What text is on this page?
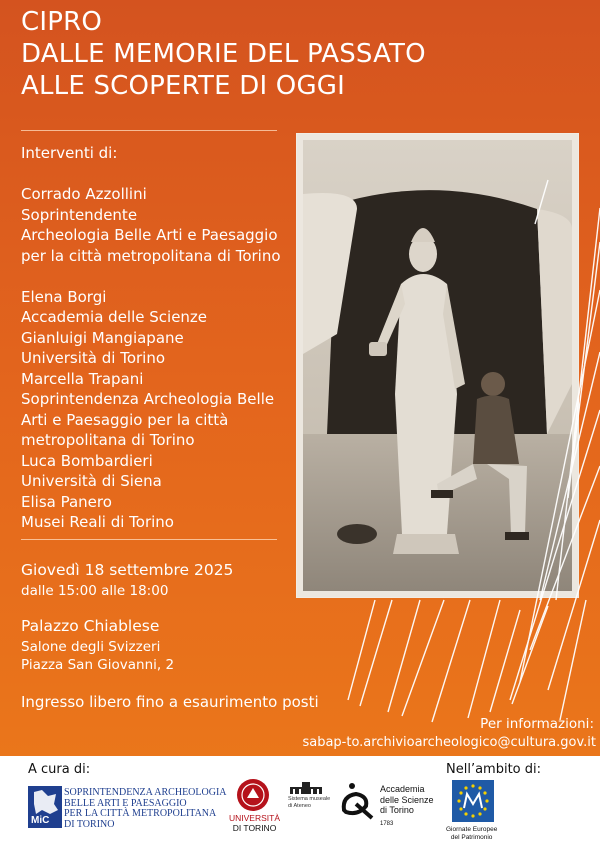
CIPRO
DALLE MEMORIE DEL PASSATO
ALLE SCOPERTE DI OGGI
Interventi di:
Corrado Azzollini
Soprintendente
Archeologia Belle Arti e Paesaggio
per la città metropolitana di Torino
Elena Borgi
Accademia delle Scienze
Gianluigi Mangiapane
Università di Torino
Marcella Trapani
Soprintendenza Archeologia Belle
Arti e Paesaggio per la città
metropolitana di Torino
Luca Bombardieri
Università di Siena
Elisa Panero
Musei Reali di Torino
Giovedì 18 settembre 2025
dalle 15:00 alle 18:00
Palazzo Chiablese
Salone degli Svizzeri
Piazza San Giovanni, 2
Ingresso libero fino a esaurimento posti
Per informazioni:
sabap-to.archivioarcheologico@cultura.gov.it
A cura di:	Nell’ambito di:
MiC
SOPRINTENDENZA ARCHEOLOGIA
BELLE ARTI E PAESAGGIO
PER LA CITTÀ METROPOLITANA
DI TORINO
UNIVERSITÀ
DI TORINO
Sistema museale
di Ateneo
Accademia
delle Scienze
di Torino
1783
Giornate Europee
del Patrimonio
